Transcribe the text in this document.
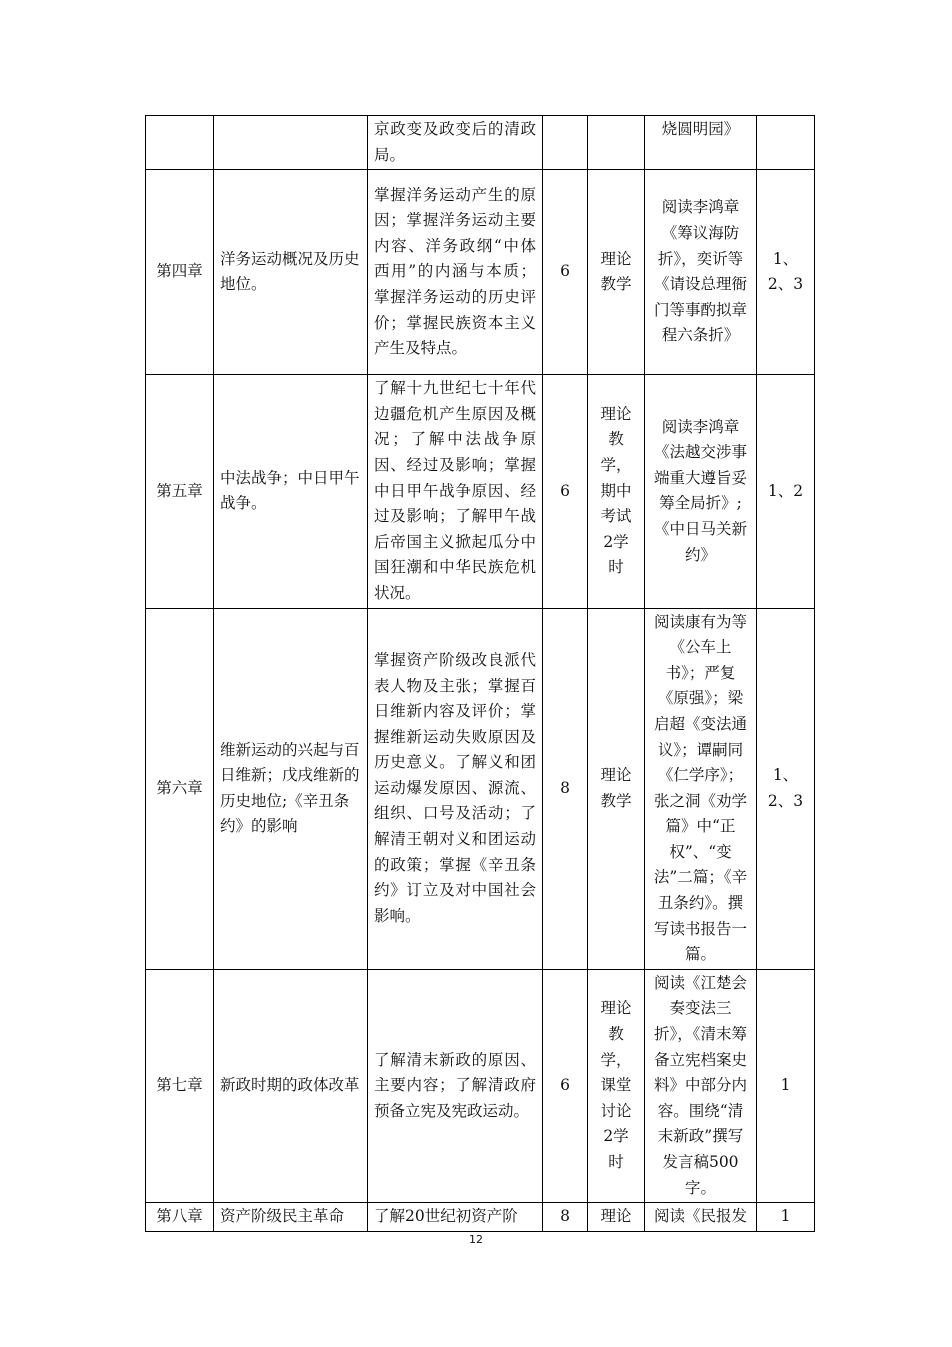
		京政变及政变后的清政局。			烧圆明园》	
第四章	洋务运动概况及历史地位。	掌握洋务运动产生的原因；掌握洋务运动主要内容、洋务政纲“中体西用”的内涵与本质；掌握洋务运动的历史评价；掌握民族资本主义产生及特点。	6	理论教学	阅读李鸿章《筹议海防折》，奕䜣等《请设总理衙门等事酌拟章程六条折》	1、2、3
第五章	中法战争；中日甲午战争。	了解十九世纪七十年代边疆危机产生原因及概况；了解中法战争原因、经过及影响；掌握中日甲午战争原因、经过及影响；了解甲午战后帝国主义掀起瓜分中国狂潮和中华民族危机状况。	6	理论教学，期中考试2学时	阅读李鸿章《法越交涉事端重大遵旨妥筹全局折》;《中日马关新约》	1、2
第六章	维新运动的兴起与百日维新；戊戌维新的历史地位;《辛丑条约》的影响	掌握资产阶级改良派代表人物及主张；掌握百日维新内容及评价；掌握维新运动失败原因及历史意义。了解义和团运动爆发原因、源流、组织、口号及活动；了解清王朝对义和团运动的政策；掌握《辛丑条约》订立及对中国社会影响。	8	理论教学	阅读康有为等《公车上书》；严复《原强》；梁启超《变法通议》；谭嗣同《仁学序》；张之洞《劝学篇》中“正权”、“变法”二篇；《辛丑条约》。撰写读书报告一篇。	1、2、3
第七章	新政时期的政体改革	了解清末新政的原因、主要内容；了解清政府预备立宪及宪政运动。	6	理论教学，课堂讨论2学时	阅读《江楚会奏变法三折》，《清末筹备立宪档案史料》中部分内容。围绕“清末新政”撰写发言稿500字。	1
第八章	资产阶级民主革命	了解20世纪初资产阶	8	理论	阅读《民报发	1
12
